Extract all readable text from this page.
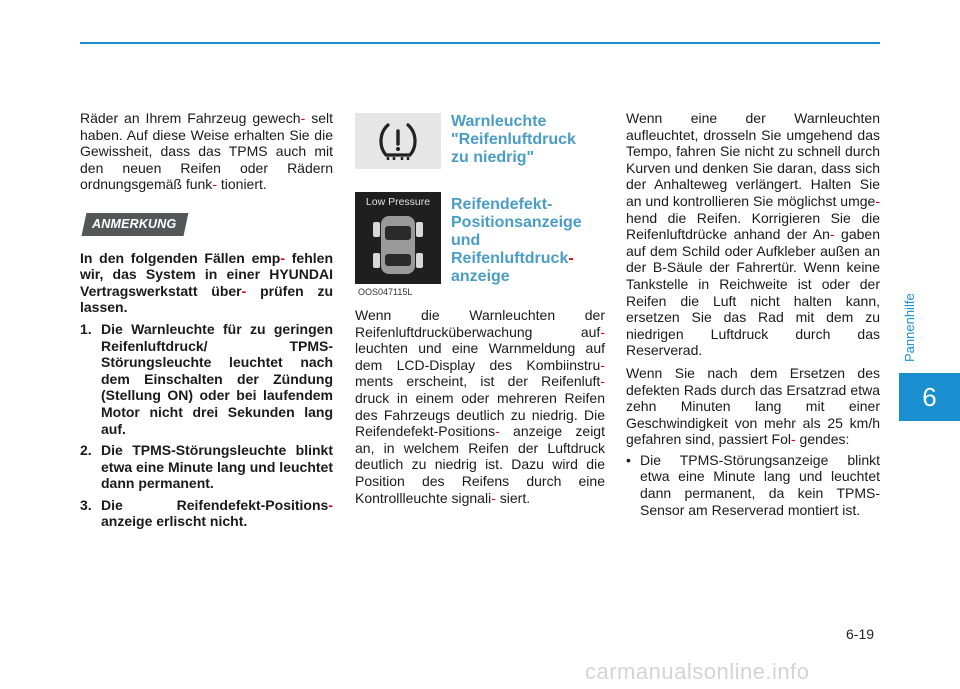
Räder an Ihrem Fahrzeug gewech- selt haben. Auf diese Weise erhalten Sie die Gewissheit, dass das TPMS auch mit den neuen Reifen oder Rädern ordnungsgemäß funk- tioniert.

ANMERKUNG

In den folgenden Fällen emp- fehlen wir, das System in einer HYUNDAI Vertragswerkstatt über- prüfen zu lassen.

1. Die Warnleuchte für zu geringen Reifenluftdruck/ TPMS-Störungsleuchte leuchtet nach dem Einschalten der Zündung (Stellung ON) oder bei laufendem Motor nicht drei Sekunden lang auf.
2. Die TPMS-Störungsleuchte blinkt etwa eine Minute lang und leuchtet dann permanent.
3. Die Reifendefekt-Positions- anzeige erlischt nicht.
Warnleuchte
"Reifenluftdruck
zu niedrig"
Low Pressure
OOS047115L
Reifendefekt-
Positionsanzeige
und
Reifenluftdruck-
anzeige

Wenn die Warnleuchten der Reifenluftdrucküberwachung auf- leuchten und eine Warnmeldung auf dem LCD-Display des Kombiinstru- ments erscheint, ist der Reifenluft- druck in einem oder mehreren Reifen des Fahrzeugs deutlich zu niedrig. Die Reifendefekt-Positions- anzeige zeigt an, in welchem Reifen der Luftdruck deutlich zu niedrig ist. Dazu wird die Position des Reifens durch eine Kontrollleuchte signali- siert.

Wenn eine der Warnleuchten aufleuchtet, drosseln Sie umgehend das Tempo, fahren Sie nicht zu schnell durch Kurven und denken Sie daran, dass sich der Anhalteweg verlängert. Halten Sie an und kontrollieren Sie möglichst umge- hend die Reifen. Korrigieren Sie die Reifenluftdrücke anhand der An- gaben auf dem Schild oder Aufkleber außen an der B-Säule der Fahrertür. Wenn keine Tankstelle in Reichweite ist oder der Reifen die Luft nicht halten kann, ersetzen Sie das Rad mit dem zu niedrigen Luftdruck durch das Reserverad.

Wenn Sie nach dem Ersetzen des defekten Rads durch das Ersatzrad etwa zehn Minuten lang mit einer Geschwindigkeit von mehr als 25 km/h gefahren sind, passiert Fol- gendes:

• Die TPMS-Störungsanzeige blinkt etwa eine Minute lang und leuchtet dann permanent, da kein TPMS-Sensor am Reserverad montiert ist.
Pannenhilfe
6
6-19
carmanualsonline.info
